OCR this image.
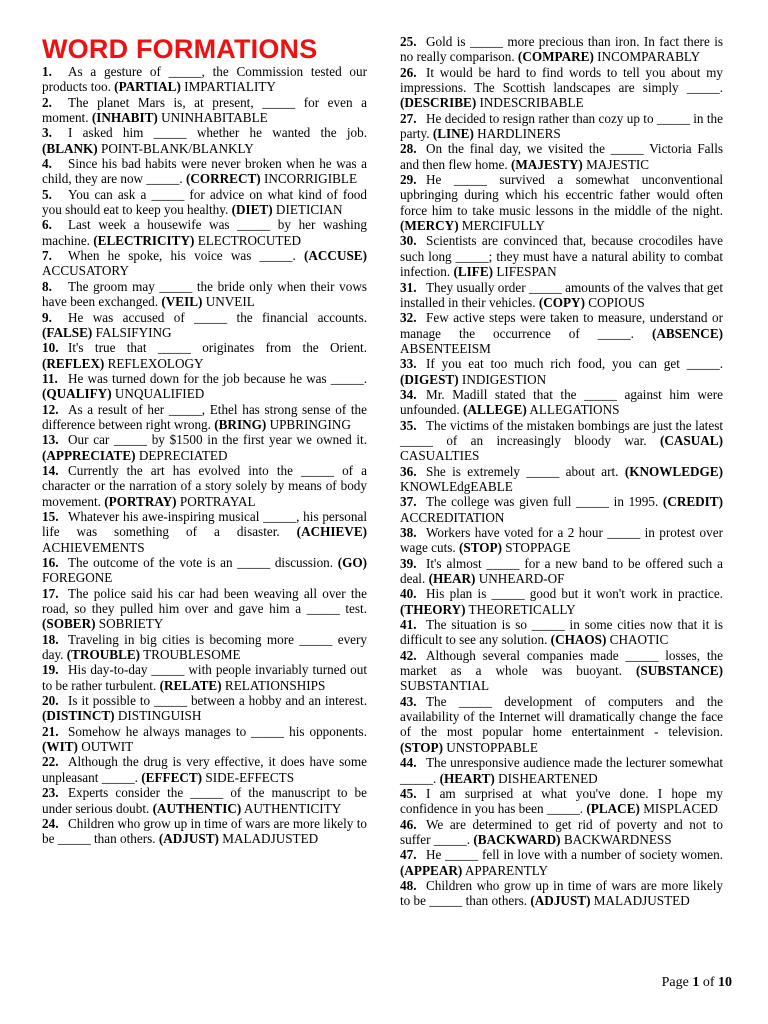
WORD FORMATIONS

1. As a gesture of _____, the Commission tested our products too. (PARTIAL) IMPARTIALITY

2. The planet Mars is, at present, _____ for even a moment. (INHABIT) UNINHABITABLE

3. I asked him _____ whether he wanted the job. (BLANK) POINT-BLANK/BLANKLY

4. Since his bad habits were never broken when he was a child, they are now _____. (CORRECT) INCORRIGIBLE

5. You can ask a _____ for advice on what kind of food you should eat to keep you healthy. (DIET) DIETICIAN

6. Last week a housewife was _____ by her washing machine. (ELECTRICITY) ELECTROCUTED

7. When he spoke, his voice was _____. (ACCUSE) ACCUSATORY

8. The groom may _____ the bride only when their vows have been exchanged. (VEIL) UNVEIL

9. He was accused of _____ the financial accounts. (FALSE) FALSIFYING

10. It's true that _____ originates from the Orient. (REFLEX) REFLEXOLOGY

11. He was turned down for the job because he was _____. (QUALIFY) UNQUALIFIED

12. As a result of her _____, Ethel has strong sense of the difference between right wrong. (BRING) UPBRINGING

13. Our car _____ by $1500 in the first year we owned it. (APPRECIATE) DEPRECIATED

14. Currently the art has evolved into the _____ of a character or the narration of a story solely by means of body movement. (PORTRAY) PORTRAYAL

15. Whatever his awe-inspiring musical _____, his personal life was something of a disaster. (ACHIEVE) ACHIEVEMENTS

16. The outcome of the vote is an _____ discussion. (GO) FOREGONE

17. The police said his car had been weaving all over the road, so they pulled him over and gave him a _____ test. (SOBER) SOBRIETY

18. Traveling in big cities is becoming more _____ every day. (TROUBLE) TROUBLESOME

19. His day-to-day _____ with people invariably turned out to be rather turbulent. (RELATE) RELATIONSHIPS

20. Is it possible to _____ between a hobby and an interest. (DISTINCT) DISTINGUISH

21. Somehow he always manages to _____ his opponents. (WIT) OUTWIT

22. Although the drug is very effective, it does have some unpleasant _____. (EFFECT) SIDE-EFFECTS

23. Experts consider the _____ of the manuscript to be under serious doubt. (AUTHENTIC) AUTHENTICITY

24. Children who grow up in time of wars are more likely to be _____ than others. (ADJUST) MALADJUSTED

25. Gold is _____ more precious than iron. In fact there is no really comparison. (COMPARE) INCOMPARABLY

26. It would be hard to find words to tell you about my impressions. The Scottish landscapes are simply _____. (DESCRIBE) INDESCRIBABLE

27. He decided to resign rather than cozy up to _____ in the party. (LINE) HARDLINERS

28. On the final day, we visited the _____ Victoria Falls and then flew home. (MAJESTY) MAJESTIC

29. He _____ survived a somewhat unconventional upbringing during which his eccentric father would often force him to take music lessons in the middle of the night. (MERCY) MERCIFULLY

30. Scientists are convinced that, because crocodiles have such long _____; they must have a natural ability to combat infection. (LIFE) LIFESPAN

31. They usually order _____ amounts of the valves that get installed in their vehicles. (COPY) COPIOUS

32. Few active steps were taken to measure, understand or manage the occurrence of _____. (ABSENCE) ABSENTEEISM

33. If you eat too much rich food, you can get _____. (DIGEST) INDIGESTION

34. Mr. Madill stated that the _____ against him were unfounded. (ALLEGE) ALLEGATIONS

35. The victims of the mistaken bombings are just the latest _____ of an increasingly bloody war. (CASUAL) CASUALTIES

36. She is extremely _____ about art. (KNOWLEDGE) KNOWLEdgEABLE

37. The college was given full _____ in 1995. (CREDIT) ACCREDITATION

38. Workers have voted for a 2 hour _____ in protest over wage cuts. (STOP) STOPPAGE

39. It's almost _____ for a new band to be offered such a deal. (HEAR) UNHEARD-OF

40. His plan is _____ good but it won't work in practice. (THEORY) THEORETICALLY

41. The situation is so _____ in some cities now that it is difficult to see any solution. (CHAOS) CHAOTIC

42. Although several companies made _____ losses, the market as a whole was buoyant. (SUBSTANCE) SUBSTANTIAL

43. The _____ development of computers and the availability of the Internet will dramatically change the face of the most popular home entertainment - television. (STOP) UNSTOPPABLE

44. The unresponsive audience made the lecturer somewhat _____. (HEART) DISHEARTENED

45. I am surprised at what you've done. I hope my confidence in you has been _____. (PLACE) MISPLACED

46. We are determined to get rid of poverty and not to suffer _____. (BACKWARD) BACKWARDNESS

47. He _____ fell in love with a number of society women. (APPEAR) APPARENTLY

48. Children who grow up in time of wars are more likely to be _____ than others. (ADJUST) MALADJUSTED

Page 1 of 10
